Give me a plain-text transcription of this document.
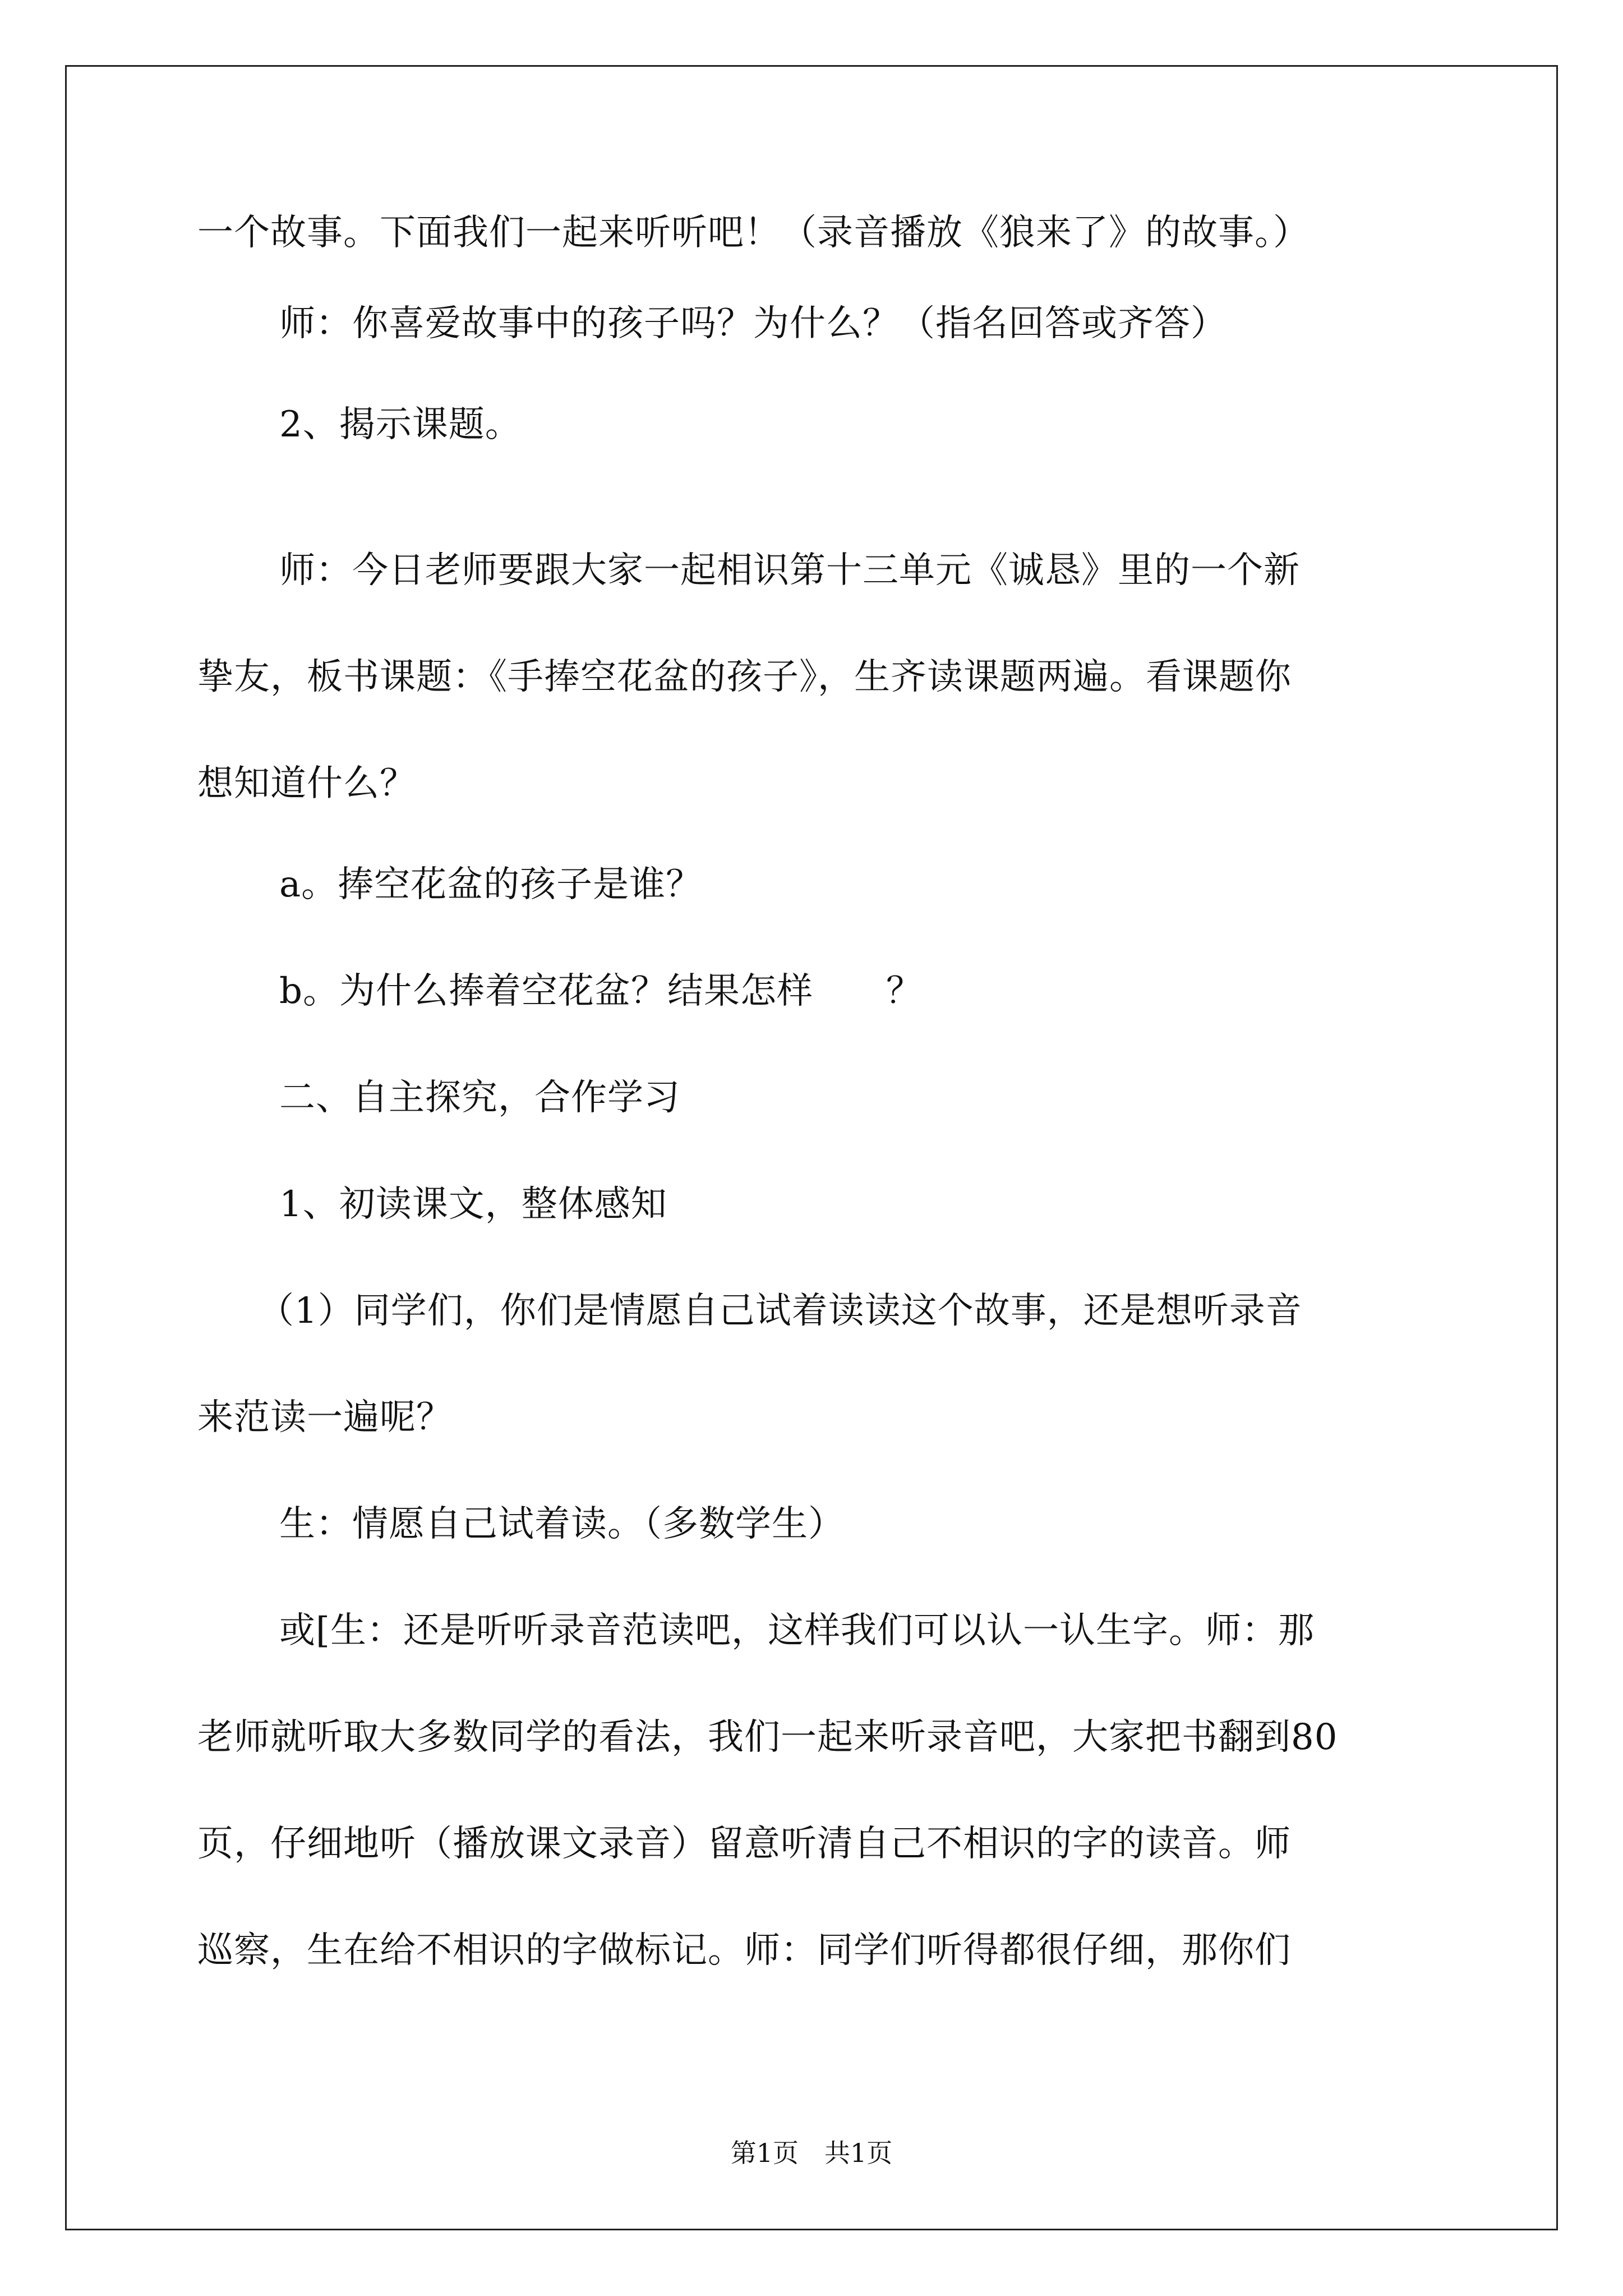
一个故事。下面我们一起来听听吧！（录音播放《狼来了》的故事。）
师：你喜爱故事中的孩子吗？为什么？（指名回答或齐答）
2、揭示课题。
师：今日老师要跟大家一起相识第十三单元《诚恳》里的一个新
挚友，板书课题：《手捧空花盆的孩子》，生齐读课题两遍。看课题你
想知道什么？
a。捧空花盆的孩子是谁？
b。为什么捧着空花盆？结果怎样　　？
二、自主探究，合作学习
1、初读课文，整体感知
（1）同学们，你们是情愿自己试着读读这个故事，还是想听录音
来范读一遍呢？
生：情愿自己试着读。（多数学生）
或[生：还是听听录音范读吧，这样我们可以认一认生字。师：那
老师就听取大多数同学的看法，我们一起来听录音吧，大家把书翻到80
页，仔细地听（播放课文录音）留意听清自己不相识的字的读音。师
巡察，生在给不相识的字做标记。师：同学们听得都很仔细，那你们
第1页　共1页
